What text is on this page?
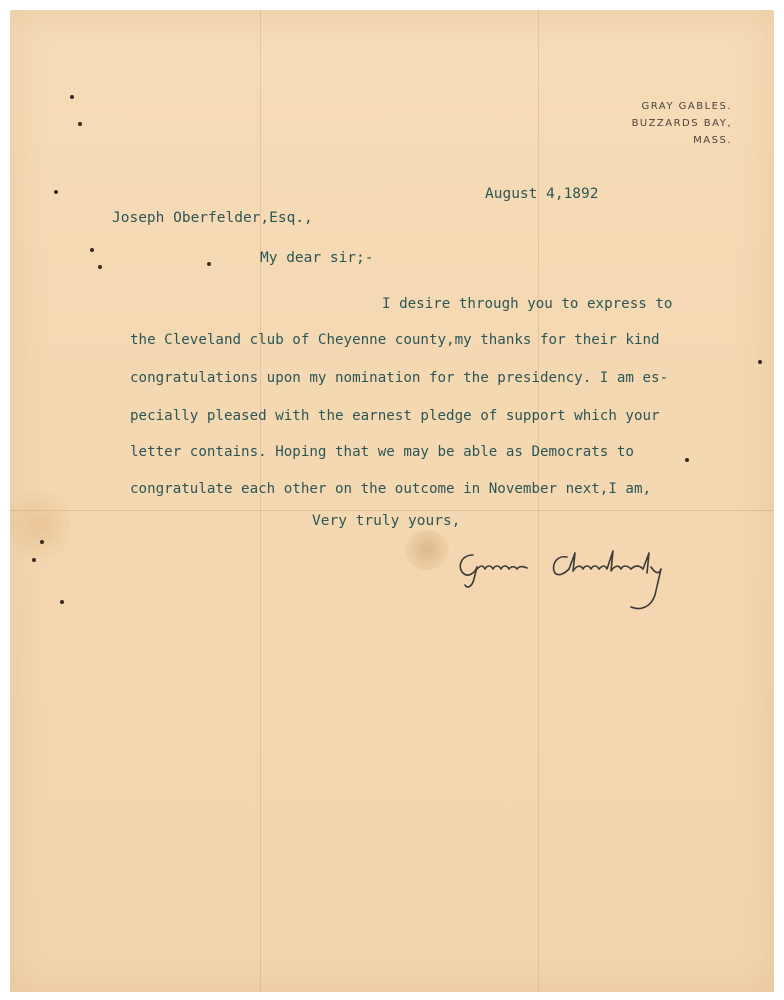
GRAY GABLES.
BUZZARDS BAY,
MASS.
August 4,1892
Joseph Oberfelder,Esq.,
My dear sir;-
I desire through you to express to
the Cleveland club of Cheyenne county,my thanks for their kind
congratulations upon my nomination for the presidency. I am es-
pecially pleased with the earnest pledge of support which your
letter contains. Hoping that we may be able as Democrats to
congratulate each other on the outcome in November next,I am,
Very truly yours,
